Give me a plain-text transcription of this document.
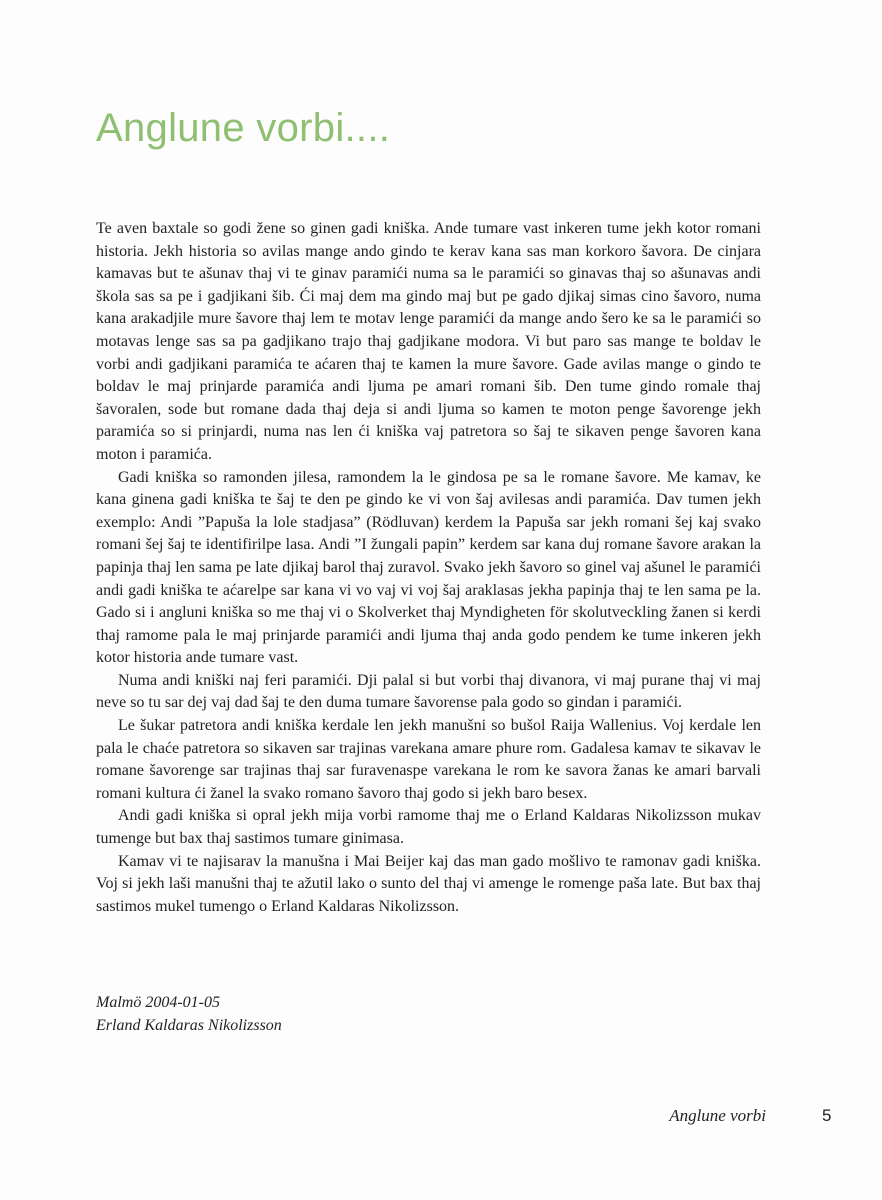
Anglune vorbi....

Te aven baxtale so godi žene so ginen gadi kniška. Ande tumare vast inkeren tume jekh kotor romani historia. Jekh historia so avilas mange ando gindo te kerav kana sas man korkoro šavora. De cinjara kamavas but te ašunav thaj vi te ginav paramići numa sa le paramići so ginavas thaj so ašunavas andi škola sas sa pe i gadjikani šib. Ći maj dem ma gindo maj but pe gado djikaj simas cino šavoro, numa kana arakadjile mure šavore thaj lem te motav lenge paramići da mange ando šero ke sa le paramići so motavas lenge sas sa pa gadjikano trajo thaj gadjikane modora. Vi but paro sas mange te boldav le vorbi andi gadjikani paramića te aćaren thaj te kamen la mure šavore. Gade avilas mange o gindo te boldav le maj prinjarde paramića andi ljuma pe amari romani šib. Den tume gindo romale thaj šavoralen, sode but romane dada thaj deja si andi ljuma so kamen te moton penge šavorenge jekh paramića so si prinjardi, numa nas len ći kniška vaj patretora so šaj te sikaven penge šavoren kana moton i paramića.

Gadi kniška so ramonden jilesa, ramondem la le gindosa pe sa le romane šavore. Me kamav, ke kana ginena gadi kniška te šaj te den pe gindo ke vi von šaj avilesas andi paramića. Dav tumen jekh exemplo: Andi ”Papuša la lole stadjasa” (Rödluvan) kerdem la Papuša sar jekh romani šej kaj svako romani šej šaj te identifirilpe lasa. Andi ”I žungali papin” kerdem sar kana duj romane šavore arakan la papinja thaj len sama pe late djikaj barol thaj zuravol. Svako jekh šavoro so ginel vaj ašunel le paramići andi gadi kniška te aćarelpe sar kana vi vo vaj vi voj šaj araklasas jekha papinja thaj te len sama pe la. Gado si i angluni kniška so me thaj vi o Skolverket thaj Myndigheten för skolutveckling žanen si kerdi thaj ramome pala le maj prinjarde paramići andi ljuma thaj anda godo pendem ke tume inkeren jekh kotor historia ande tumare vast.

Numa andi kniški naj feri paramići. Dji palal si but vorbi thaj divanora, vi maj purane thaj vi maj neve so tu sar dej vaj dad šaj te den duma tumare šavorense pala godo so gindan i paramići.

Le šukar patretora andi kniška kerdale len jekh manušni so bušol Raija Wallenius. Voj kerdale len pala le chaće patretora so sikaven sar trajinas varekana amare phure rom. Gadalesa kamav te sikavav le romane šavorenge sar trajinas thaj sar furavenaspe varekana le rom ke savora žanas ke amari barvali romani kultura ći žanel la svako romano šavoro thaj godo si jekh baro besex.

Andi gadi kniška si opral jekh mija vorbi ramome thaj me o Erland Kaldaras Nikolizsson mukav tumenge but bax thaj sastimos tumare ginimasa.

Kamav vi te najisarav la manušna i Mai Beijer kaj das man gado mošlivo te ramonav gadi kniška. Voj si jekh laši manušni thaj te ažutil lako o sunto del thaj vi amenge le romenge paša late. But bax thaj sastimos mukel tumengo o Erland Kaldaras Nikolizsson.

Malmö 2004-01-05
Erland Kaldaras Nikolizsson
Anglune vorbi	5
